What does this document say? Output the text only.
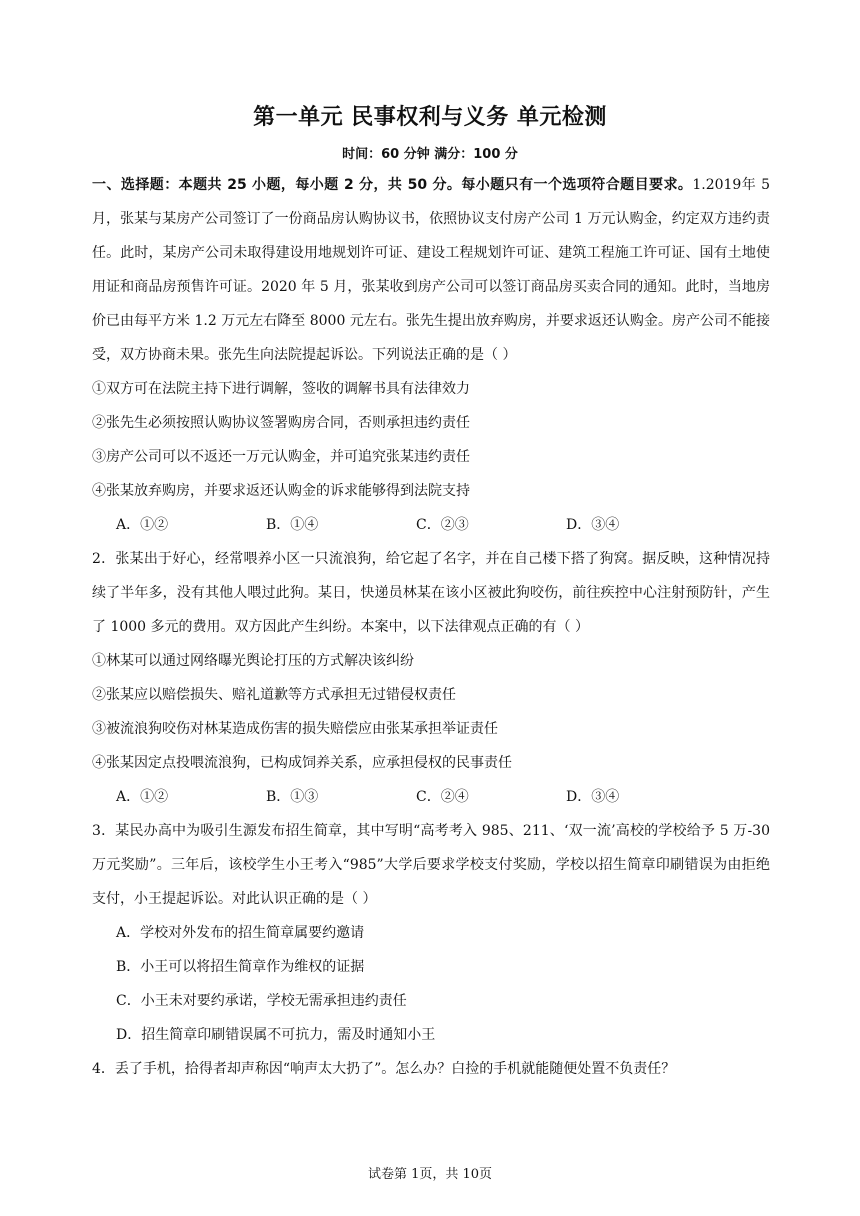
第一单元 民事权利与义务 单元检测
时间：60 分钟 满分：100 分

一、选择题：本题共 25 小题，每小题 2 分，共 50 分。每小题只有一个选项符合题目要求。1.2019年 5 月，张某与某房产公司签订了一份商品房认购协议书，依照协议支付房产公司 1 万元认购金，约定双方违约责任。此时，某房产公司未取得建设用地规划许可证、建设工程规划许可证、建筑工程施工许可证、国有土地使用证和商品房预售许可证。2020 年 5 月，张某收到房产公司可以签订商品房买卖合同的通知。此时，当地房价已由每平方米 1.2 万元左右降至 8000 元左右。张先生提出放弃购房，并要求返还认购金。房产公司不能接受，双方协商未果。张先生向法院提起诉讼。下列说法正确的是（ ）

①双方可在法院主持下进行调解，签收的调解书具有法律效力
②张先生必须按照认购协议签署购房合同，否则承担违约责任
③房产公司可以不返还一万元认购金，并可追究张某违约责任
④张某放弃购房，并要求返还认购金的诉求能够得到法院支持
A．①②	B．①④	C．②③	D．③④

2．张某出于好心，经常喂养小区一只流浪狗，给它起了名字，并在自己楼下搭了狗窝。据反映，这种情况持续了半年多，没有其他人喂过此狗。某日，快递员林某在该小区被此狗咬伤，前往疾控中心注射预防针，产生了 1000 多元的费用。双方因此产生纠纷。本案中，以下法律观点正确的有（ ）

①林某可以通过网络曝光舆论打压的方式解决该纠纷
②张某应以赔偿损失、赔礼道歉等方式承担无过错侵权责任
③被流浪狗咬伤对林某造成伤害的损失赔偿应由张某承担举证责任
④张某因定点投喂流浪狗，已构成饲养关系，应承担侵权的民事责任
A．①②	B．①③	C．②④	D．③④

3．某民办高中为吸引生源发布招生简章，其中写明“高考考入 985、211、‘双一流’高校的学校给予 5 万-30 万元奖励”。三年后，该校学生小王考入“985”大学后要求学校支付奖励，学校以招生简章印刷错误为由拒绝支付，小王提起诉讼。对此认识正确的是（ ）

A．学校对外发布的招生简章属要约邀请
B．小王可以将招生简章作为维权的证据
C．小王未对要约承诺，学校无需承担违约责任
D．招生简章印刷错误属不可抗力，需及时通知小王

4．丢了手机，拾得者却声称因“响声太大扔了”。怎么办？白捡的手机就能随便处置不负责任？

试卷第 1页，共 10页
